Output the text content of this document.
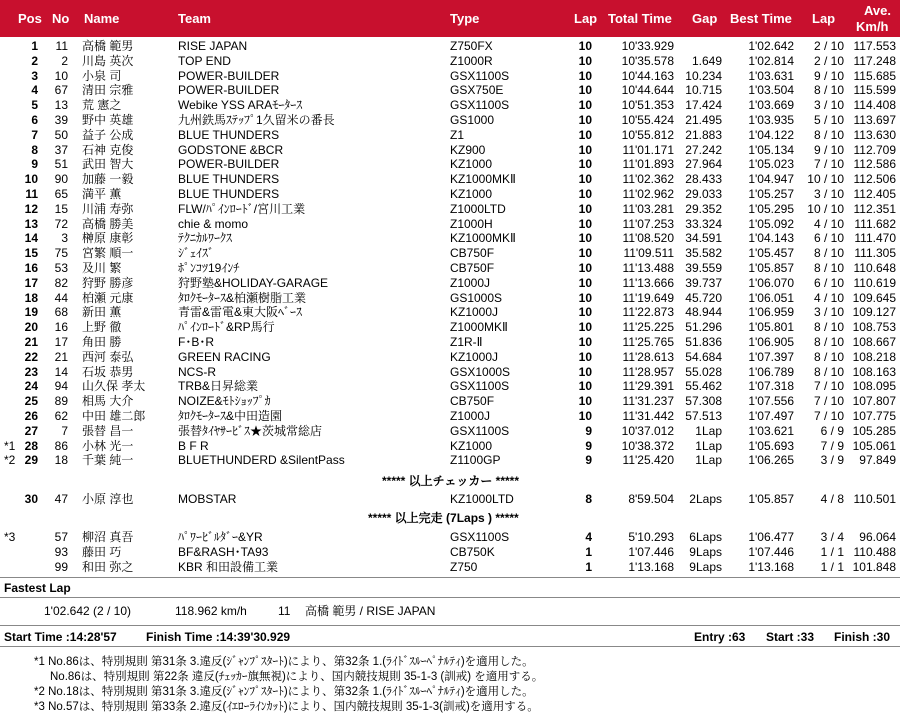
Pos No Name	Team	Type	Lap Total Time Gap Best Time Lap
Ave.
Km/h
1	11 高橋 範男	RISE JAPAN	Z750FX	10	10'33.929	1'02.642	2 / 10 117.553
2	2 川島 英次	TOP END	Z1000R	10	10'35.578	1.649	1'02.814	2 / 10 117.248
3	10 小泉 司	POWER-BUILDER	GSX1100S	10	10'44.163 10.234	1'03.631	9 / 10 115.685
4	67 清田 宗雅	POWER-BUILDER	GSX750E	10	10'44.644 10.715	1'03.504	8 / 10 115.599
5	13 荒 憲之	Webike YSS ARAﾓｰﾀｰｽ	GSX1100S	10	10'51.353 17.424	1'03.669	3 / 10 114.408
6	39 野中 英雄	九州鉄馬ｽﾃｯﾌﾟ1久留米の番長	GS1000	10	10'55.424 21.495	1'03.935	5 / 10 113.697
7	50 益子 公成	BLUE THUNDERS	Z1	10	10'55.812 21.883	1'04.122	8 / 10 113.630
8	37 石神 克俊	GODSTONE &BCR	KZ900	10	11'01.171 27.242	1'05.134	9 / 10 112.709
9	51 武田 智大	POWER-BUILDER	KZ1000	10	11'01.893 27.964	1'05.023	7 / 10 112.586
10	90 加藤 一毅	BLUE THUNDERS	KZ1000MKⅡ	10	11'02.362 28.433	1'04.947	10 / 10 112.506
11	65 満平 薫	BLUE THUNDERS	KZ1000	10	11'02.962 29.033	1'05.257	3 / 10 112.405
12	15 川浦 寿弥	FLW/ﾊﾟｲﾝﾛｰﾄﾞ/宮川工業	Z1000LTD	10	11'03.281 29.352	1'05.295	10 / 10 112.351
13	72 高橋 勝美	chie & momo	Z1000H	10	11'07.253 33.324	1'05.092	4 / 10 111.682
14	3 榊原 康彰	ﾃｸﾆｶﾙﾜｰｸｽ	KZ1000MKⅡ	10	11'08.520 34.591	1'04.143	6 / 10 111.470
15	75 宮繁 順一	ｼﾞｪｲｽﾞ	CB750F	10	11'09.511 35.582	1'05.457	8 / 10 111.305
16	53 及川 繁	ﾎﾟﾝｺﾂ19ｲﾝﾁ	CB750F	10	11'13.488 39.559	1'05.857	8 / 10 110.648
17	82 狩野 勝彦	狩野塾&HOLIDAY-GARAGE	Z1000J	10	11'13.666 39.737	1'06.070	6 / 10 110.619
18	44 柏瀬 元康	ﾀﾛｸﾓｰﾀｰｽ&柏瀬樹脂工業	GS1000S	10	11'19.649 45.720	1'06.051	4 / 10 109.645
19	68 新田 薫	青雷&雷電&東大阪ﾍﾞｰｽ	KZ1000J	10	11'22.873 48.944	1'06.959	3 / 10 109.127
20	16 上野 徹	ﾊﾟｲﾝﾛｰﾄﾞ&RP馬行	Z1000MKⅡ	10	11'25.225 51.296	1'05.801	8 / 10 108.753
21	17 角田 勝	F･B･R	Z1R-Ⅱ	10	11'25.765 51.836	1'06.905	8 / 10 108.667
22	21 西河 泰弘	GREEN RACING	KZ1000J	10	11'28.613 54.684	1'07.397	8 / 10 108.218
23	14 石坂 恭男	NCS-R	GSX1000S	10	11'28.957 55.028	1'06.789	8 / 10 108.163
24	94 山久保 孝太	TRB&日昇総業	GSX1100S	10	11'29.391 55.462	1'07.318	7 / 10 108.095
25	89 相馬 大介	NOIZE&ﾓﾄｼｮｯﾌﾟｶ	CB750F	10	11'31.237 57.308	1'07.556	7 / 10 107.807
26	62 中田 雄二郎	ﾀﾛｸﾓｰﾀｰｽ&中田造園	Z1000J	10	11'31.442 57.513	1'07.497	7 / 10 107.775
27	7 張替 昌一	張替ﾀｲﾔｻｰﾋﾞｽ★茨城常総店	GSX1100S	9	10'37.012	1Lap	1'03.621	6 / 9 105.285
*1 28	86 小林 光一	B F R	KZ1000	9	10'38.372	1Lap	1'05.693	7 / 9 105.061
*2 29	18 千葉 純一	BLUETHUNDERD &SilentPass	Z1100GP	9	11'25.420	1Lap	1'06.265	3 / 9	97.849
30	47 小原 淳也	MOBSTAR	KZ1000LTD	8	8'59.504	2Laps	1'05.857	4 / 8 110.501
*3	57 柳沼 真吾	ﾊﾟﾜｰﾋﾞﾙﾀﾞｰ&YR	GSX1100S	4	5'10.293	6Laps	1'06.477	3 / 4	96.064
93 藤田 巧	BF&RASH･TA93	CB750K	1	1'07.446	9Laps	1'07.446	1 / 1 110.488
99 和田 弥之	KBR 和田設備工業	Z750	1	1'13.168	9Laps	1'13.168	1 / 1 101.848
***** 以上チェッカー *****
***** 以上完走 (7Laps ) *****
Fastest Lap
1'02.642 (2 / 10)	118.962 km/h	11 高橋 範男 / RISE JAPAN
Start Time :14:28'57 Finish Time :14:39'30.929	Entry :63 Start :33 Finish :30
*1 No.86は、特別規則 第31条 3.違反(ｼﾞｬﾝﾌﾟｽﾀｰﾄ)により、第32条 1.(ﾗｲﾄﾞｽﾙｰﾍﾟﾅﾙﾃｨ)を適用した。
No.86は、特別規則 第22条 違反(ﾁｪｯｶｰ旗無視)により、国内競技規則 35-1-3 (訓戒) を適用する。
*2 No.18は、特別規則 第31条 3.違反(ｼﾞｬﾝﾌﾟｽﾀｰﾄ)により、第32条 1.(ﾗｲﾄﾞｽﾙｰﾍﾟﾅﾙﾃｨ)を適用した。
*3 No.57は、特別規則 第33条 2.違反(ｲｴﾛｰﾗｲﾝｶｯﾄ)により、国内競技規則 35-1-3(訓戒)を適用する。
